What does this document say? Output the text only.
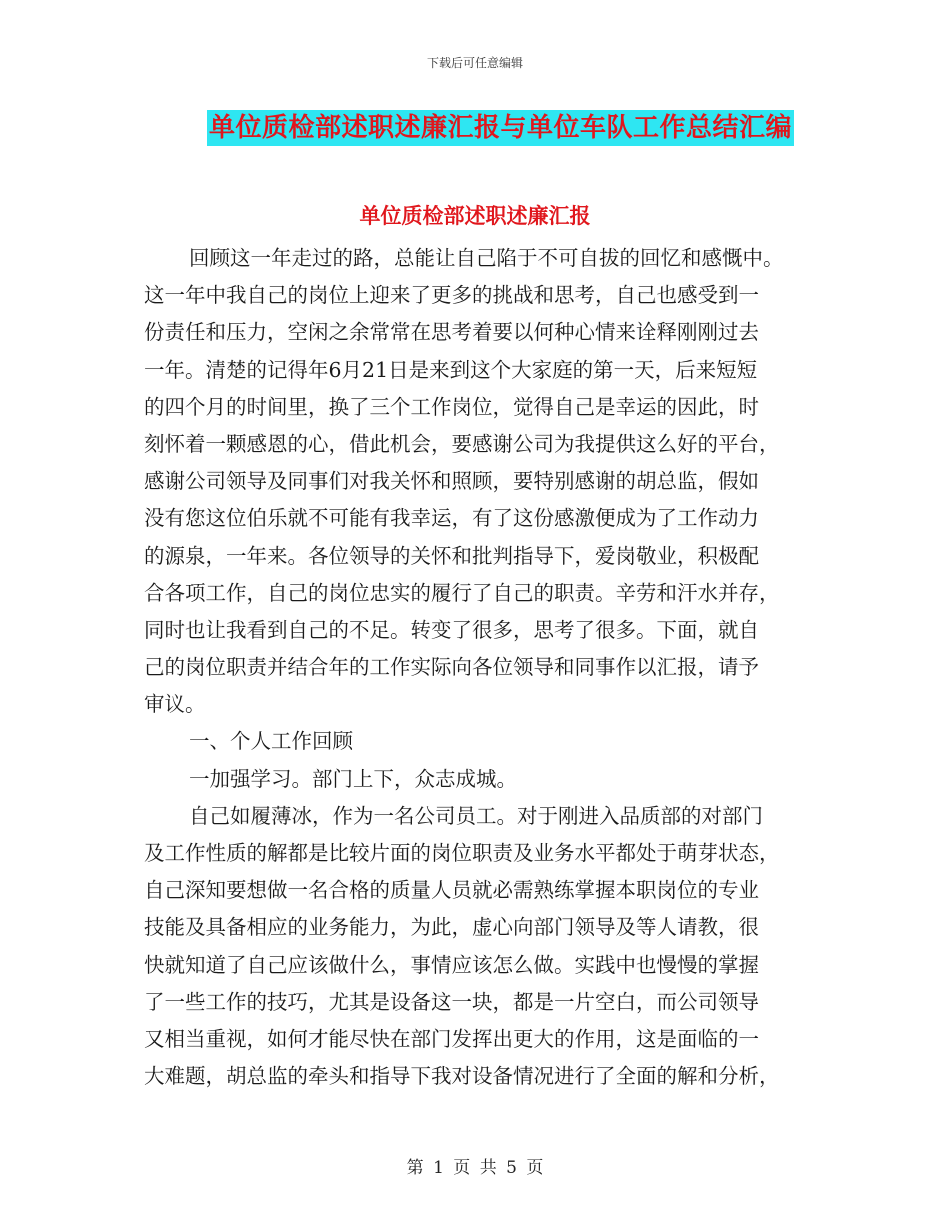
下载后可任意编辑
单位质检部述职述廉汇报与单位车队工作总结汇编
单位质检部述职述廉汇报
回顾这一年走过的路，总能让自己陷于不可自拔的回忆和感慨中。
这一年中我自己的岗位上迎来了更多的挑战和思考，自己也感受到一
份责任和压力，空闲之余常常在思考着要以何种心情来诠释刚刚过去
一年。清楚的记得年6月21日是来到这个大家庭的第一天，后来短短
的四个月的时间里，换了三个工作岗位，觉得自己是幸运的因此，时
刻怀着一颗感恩的心，借此机会，要感谢公司为我提供这么好的平台，
感谢公司领导及同事们对我关怀和照顾，要特别感谢的胡总监，假如
没有您这位伯乐就不可能有我幸运，有了这份感激便成为了工作动力
的源泉，一年来。各位领导的关怀和批判指导下，爱岗敬业，积极配
合各项工作，自己的岗位忠实的履行了自己的职责。辛劳和汗水并存，
同时也让我看到自己的不足。转变了很多，思考了很多。下面，就自
己的岗位职责并结合年的工作实际向各位领导和同事作以汇报，请予
审议。
一、个人工作回顾
一加强学习。部门上下，众志成城。
自己如履薄冰，作为一名公司员工。对于刚进入品质部的对部门
及工作性质的解都是比较片面的岗位职责及业务水平都处于萌芽状态，
自己深知要想做一名合格的质量人员就必需熟练掌握本职岗位的专业
技能及具备相应的业务能力，为此，虚心向部门领导及等人请教，很
快就知道了自己应该做什么，事情应该怎么做。实践中也慢慢的掌握
了一些工作的技巧，尤其是设备这一块，都是一片空白，而公司领导
又相当重视，如何才能尽快在部门发挥出更大的作用，这是面临的一
大难题，胡总监的牵头和指导下我对设备情况进行了全面的解和分析，
第 1 页 共 5 页
